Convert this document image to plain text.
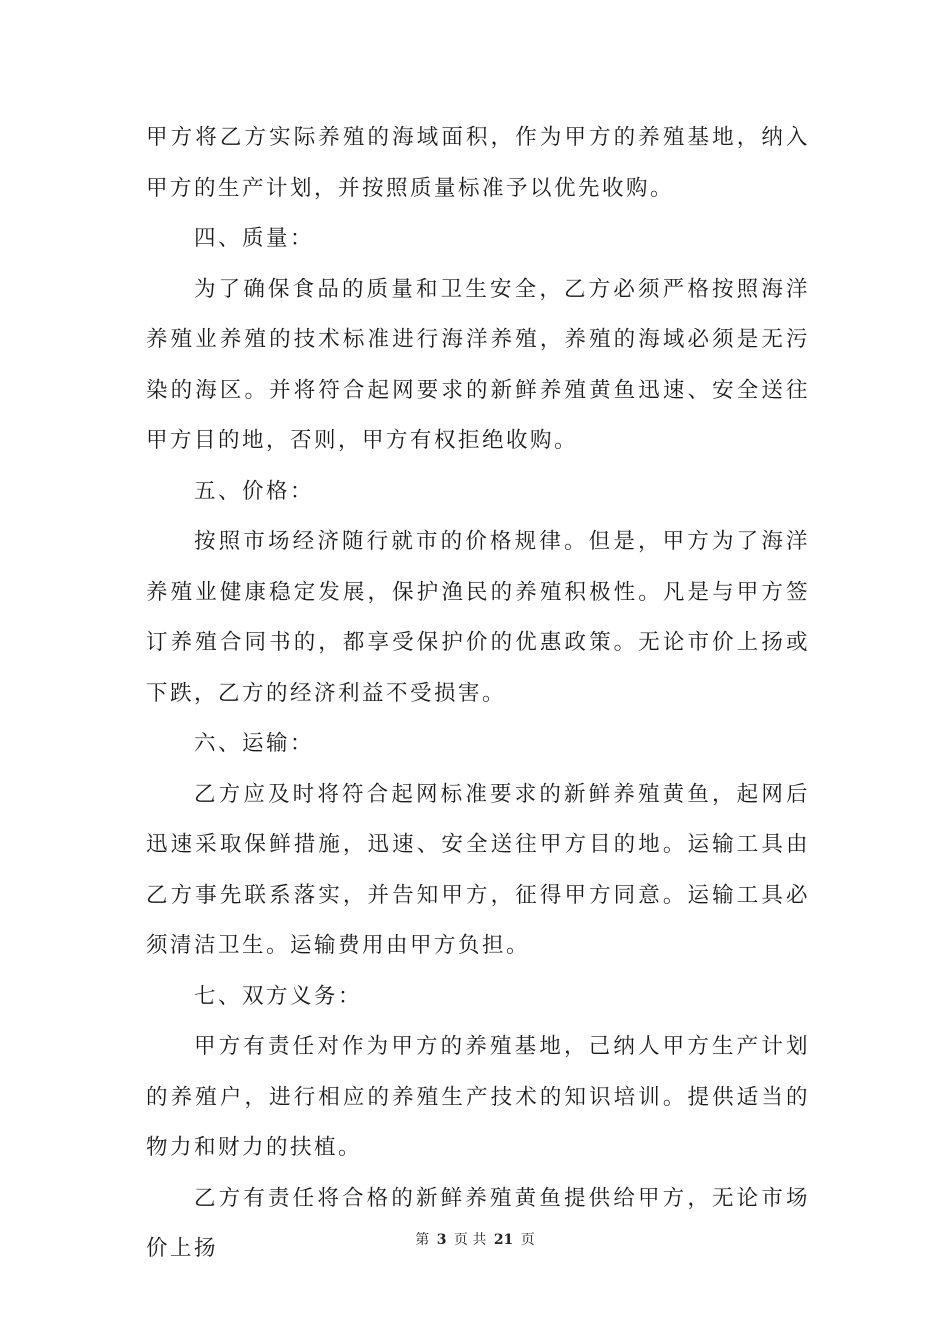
甲方将乙方实际养殖的海域面积，作为甲方的养殖基地，纳入甲方的生产计划，并按照质量标准予以优先收购。

四、质量：

为了确保食品的质量和卫生安全，乙方必须严格按照海洋养殖业养殖的技术标准进行海洋养殖，养殖的海域必须是无污染的海区。并将符合起网要求的新鲜养殖黄鱼迅速、安全送往甲方目的地，否则，甲方有权拒绝收购。

五、价格：

按照市场经济随行就市的价格规律。但是，甲方为了海洋养殖业健康稳定发展，保护渔民的养殖积极性。凡是与甲方签订养殖合同书的，都享受保护价的优惠政策。无论市价上扬或下跌，乙方的经济利益不受损害。

六、运输：

乙方应及时将符合起网标准要求的新鲜养殖黄鱼，起网后迅速采取保鲜措施，迅速、安全送往甲方目的地。运输工具由乙方事先联系落实，并告知甲方，征得甲方同意。运输工具必须清洁卫生。运输费用由甲方负担。

七、双方义务：

甲方有责任对作为甲方的养殖基地，己纳人甲方生产计划的养殖户，进行相应的养殖生产技术的知识培训。提供适当的物力和财力的扶植。

乙方有责任将合格的新鲜养殖黄鱼提供给甲方，无论市场价上扬	第 3 页 共 21 页
